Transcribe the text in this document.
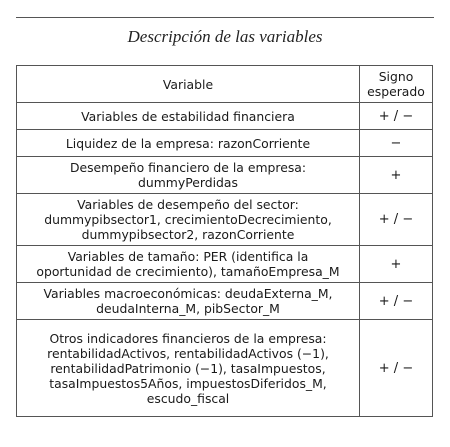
Descripción de las variables
Variable	Signo
esperado
Variables de estabilidad financiera	+ / −
Liquidez de la empresa: razonCorriente	−
Desempeño financiero de la empresa:
dummyPerdidas	+
Variables de desempeño del sector:
dummypibsector1, crecimientoDecrecimiento,
dummypibsector2, razonCorriente	+ / −
Variables de tamaño: PER (identifica la
oportunidad de crecimiento), tamañoEmpresa_M	+
Variables macroeconómicas: deudaExterna_M,
deudaInterna_M, pibSector_M	+ / −
Otros indicadores financieros de la empresa:
rentabilidadActivos, rentabilidadActivos (−1),
rentabilidadPatrimonio (−1), tasaImpuestos,
tasaImpuestos5Años, impuestosDiferidos_M,
escudo_fiscal	+ / −
